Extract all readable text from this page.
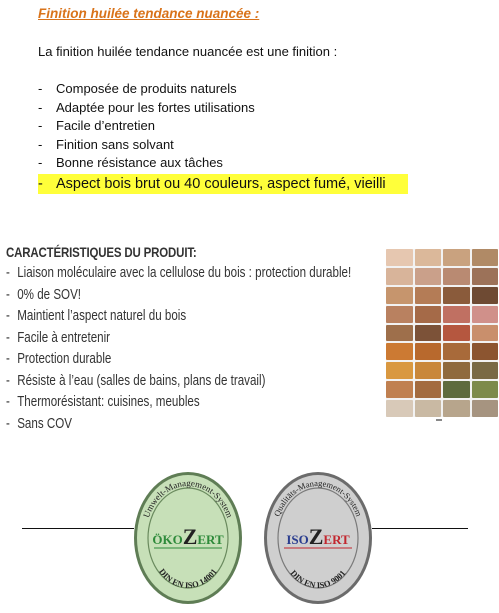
Finition huilée tendance nuancée :
La finition huilée tendance nuancée est une finition :
- Composée de produits naturels
- Adaptée pour les fortes utilisations
- Facile d’entretien
- Finition sans solvant
- Bonne résistance aux tâches
- Aspect bois brut ou 40 couleurs, aspect fumé, vieilli
CARACTÉRISTIQUES DU PRODUIT:
- Liaison moléculaire avec la cellulose du bois : protection durable!
- 0% de SOV!
- Maintient l’aspect naturel du bois
- Facile à entretenir
- Protection durable
- Résiste à l’eau (salles de bains, plans de travail)
- Thermorésistant: cuisines, meubles
- Sans COV
Umwelt-Management-System
DIN EN ISO 14001
ÖKOZERT
Qualitäts-Management-System
DIN EN ISO 9001
ISOZERT
